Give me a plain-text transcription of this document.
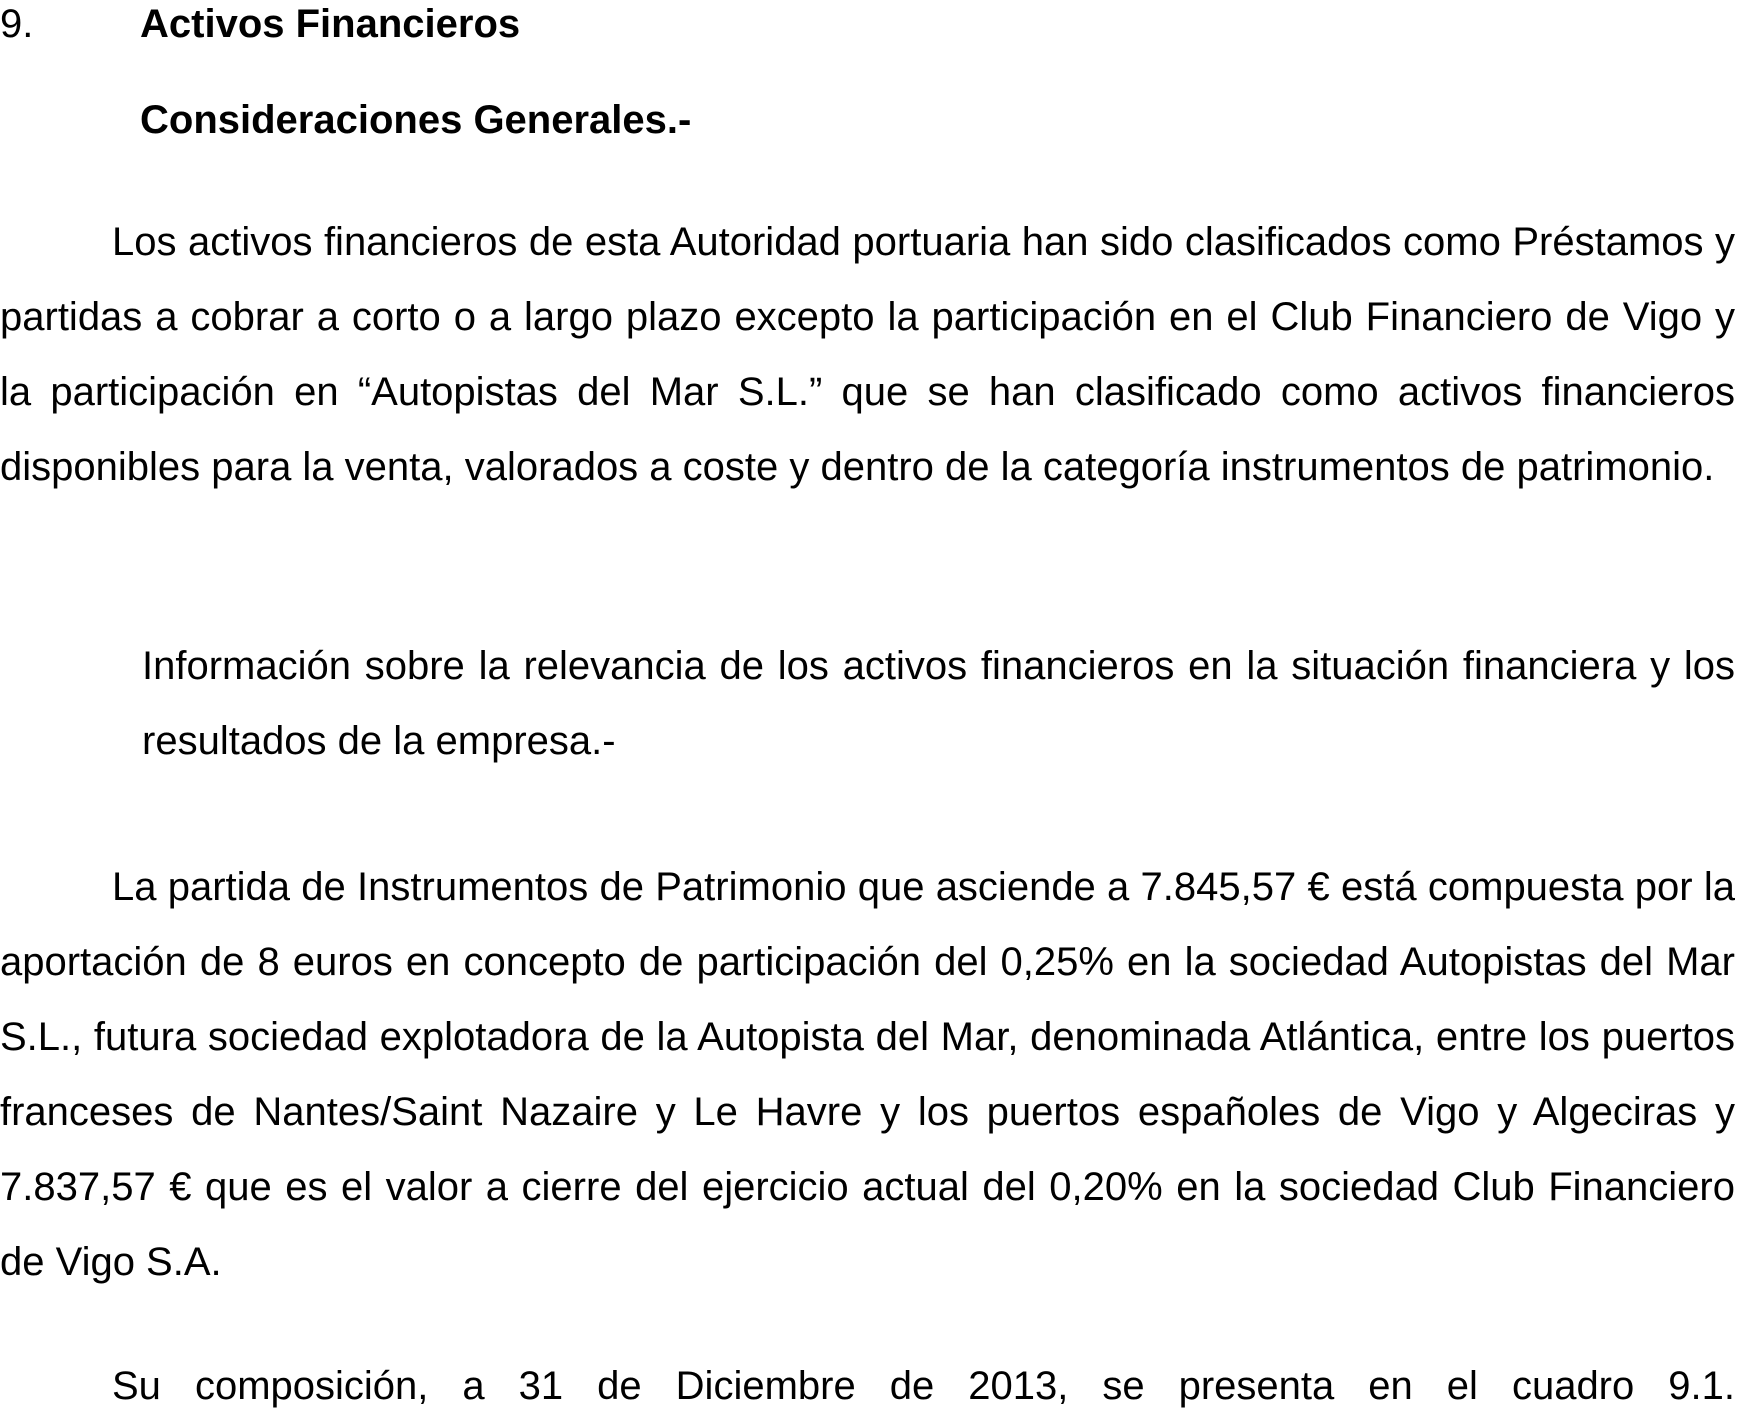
9.	Activos Financieros
Consideraciones Generales.-

Los activos financieros de esta Autoridad portuaria han sido clasificados como Préstamos y partidas a cobrar a corto o a largo plazo excepto la participación en el Club Financiero de Vigo y la participación en “Autopistas del Mar S.L.” que se han clasificado como activos financieros disponibles para la venta, valorados a coste y dentro de la categoría instrumentos de patrimonio.

Información sobre la relevancia de los activos financieros en la situación financiera y los resultados de la empresa.-

La partida de Instrumentos de Patrimonio que asciende a 7.845,57 € está compuesta por la aportación de 8 euros en concepto de participación del 0,25% en la sociedad Autopistas del Mar S.L., futura sociedad explotadora de la Autopista del Mar, denominada Atlántica, entre los puertos franceses de Nantes/Saint Nazaire y Le Havre y los puertos españoles de Vigo y Algeciras y 7.837,57 € que es el valor a cierre del ejercicio actual del 0,20% en la sociedad Club Financiero de Vigo S.A.

Su composición, a 31 de Diciembre de 2013, se presenta en el cuadro 9.1.
